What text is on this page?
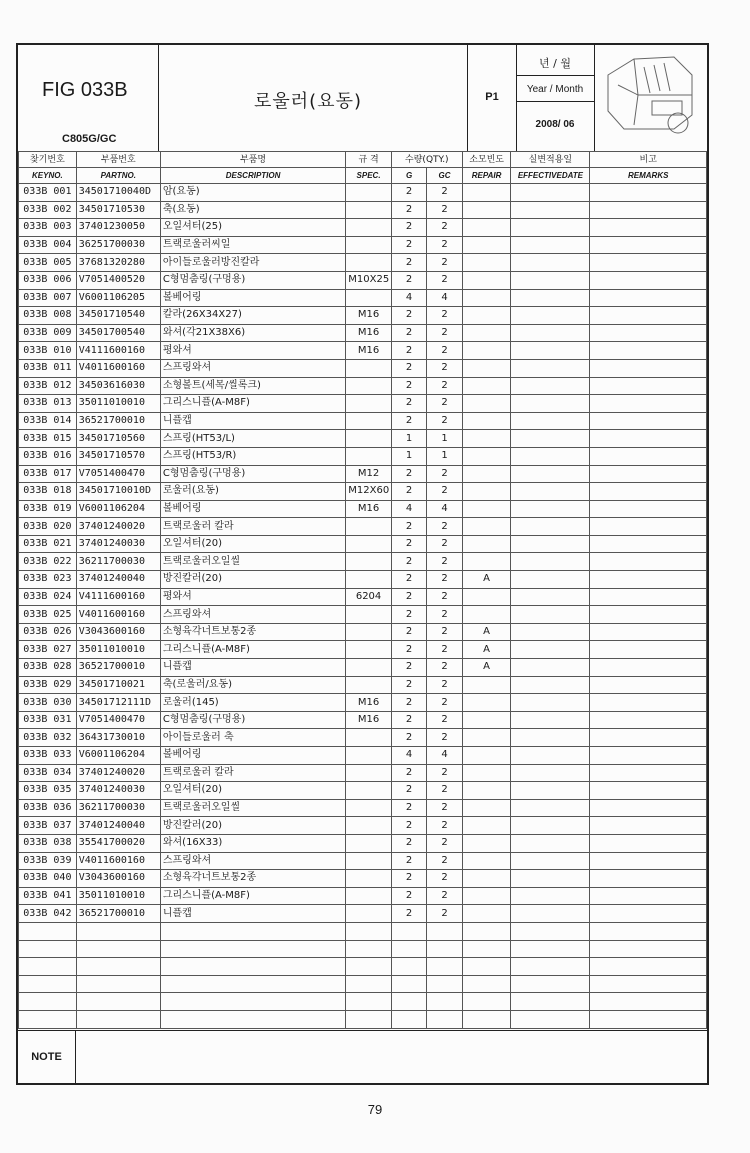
FIG 033B
C805G/GC
로울러(요동)	P1
년 / 월
Year / Month
2008/ 06
찾기번호	부품번호	부품명	규 격	수량(QTY.)		소모빈도	실변적용일	비고
KEYNO.	PARTNO.	DESCRIPTION	SPEC.	G	GC	REPAIR	EFFECTIVEDATE	REMARKS
033B 001	34501710040D	암(요동)		2	2			
033B 002	34501710530	축(요동)		2	2			
033B 003	37401230050	오일셔터(25)		2	2			
033B 004	36251700030	트랙로울러씨일		2	2			
033B 005	37681320280	아이들로울러방진칼라		2	2			
033B 006	V7051400520	C형멈춤링(구멍용)	M10X25	2	2			
033B 007	V6001106205	볼베어링		4	4			
033B 008	34501710540	칼라(26X34X27)	M16	2	2			
033B 009	34501700540	와셔(각21X38X6)	M16	2	2			
033B 010	V4111600160	평와셔	M16	2	2			
033B 011	V4011600160	스프링와셔		2	2			
033B 012	34503616030	소형볼트(세목/씰록크)		2	2			
033B 013	35011010010	그리스니플(A-M8F)		2	2			
033B 014	36521700010	니플캡		2	2			
033B 015	34501710560	스프링(HT53/L)		1	1			
033B 016	34501710570	스프링(HT53/R)		1	1			
033B 017	V7051400470	C형멈춤링(구멍용)	M12	2	2			
033B 018	34501710010D	로울러(요동)	M12X60	2	2			
033B 019	V6001106204	볼베어링	M16	4	4			
033B 020	37401240020	트랙로울러 칼라		2	2			
033B 021	37401240030	오일셔터(20)		2	2			
033B 022	36211700030	트랙로울러오일씰		2	2			
033B 023	37401240040	방진칼러(20)		2	2	A		
033B 024	V4111600160	평와셔	6204	2	2			
033B 025	V4011600160	스프링와셔		2	2			
033B 026	V3043600160	소형육각너트보통2종		2	2	A		
033B 027	35011010010	그리스니플(A-M8F)		2	2	A		
033B 028	36521700010	니플캡		2	2	A		
033B 029	34501710021	축(로울러/요동)		2	2			
033B 030	34501712111D	로울러(145)	M16	2	2			
033B 031	V7051400470	C형멈춤링(구멍용)	M16	2	2			
033B 032	36431730010	아이들로울러 축		2	2			
033B 033	V6001106204	볼베어링		4	4			
033B 034	37401240020	트랙로울러 칼라		2	2			
033B 035	37401240030	오일셔터(20)		2	2			
033B 036	36211700030	트랙로울러오일씰		2	2			
033B 037	37401240040	방진칼러(20)		2	2			
033B 038	35541700020	와셔(16X33)		2	2			
033B 039	V4011600160	스프링와셔		2	2			
033B 040	V3043600160	소형육각너트보통2종		2	2			
033B 041	35011010010	그리스니플(A-M8F)		2	2			
033B 042	36521700010	니플캡		2	2			

NOTE
79
